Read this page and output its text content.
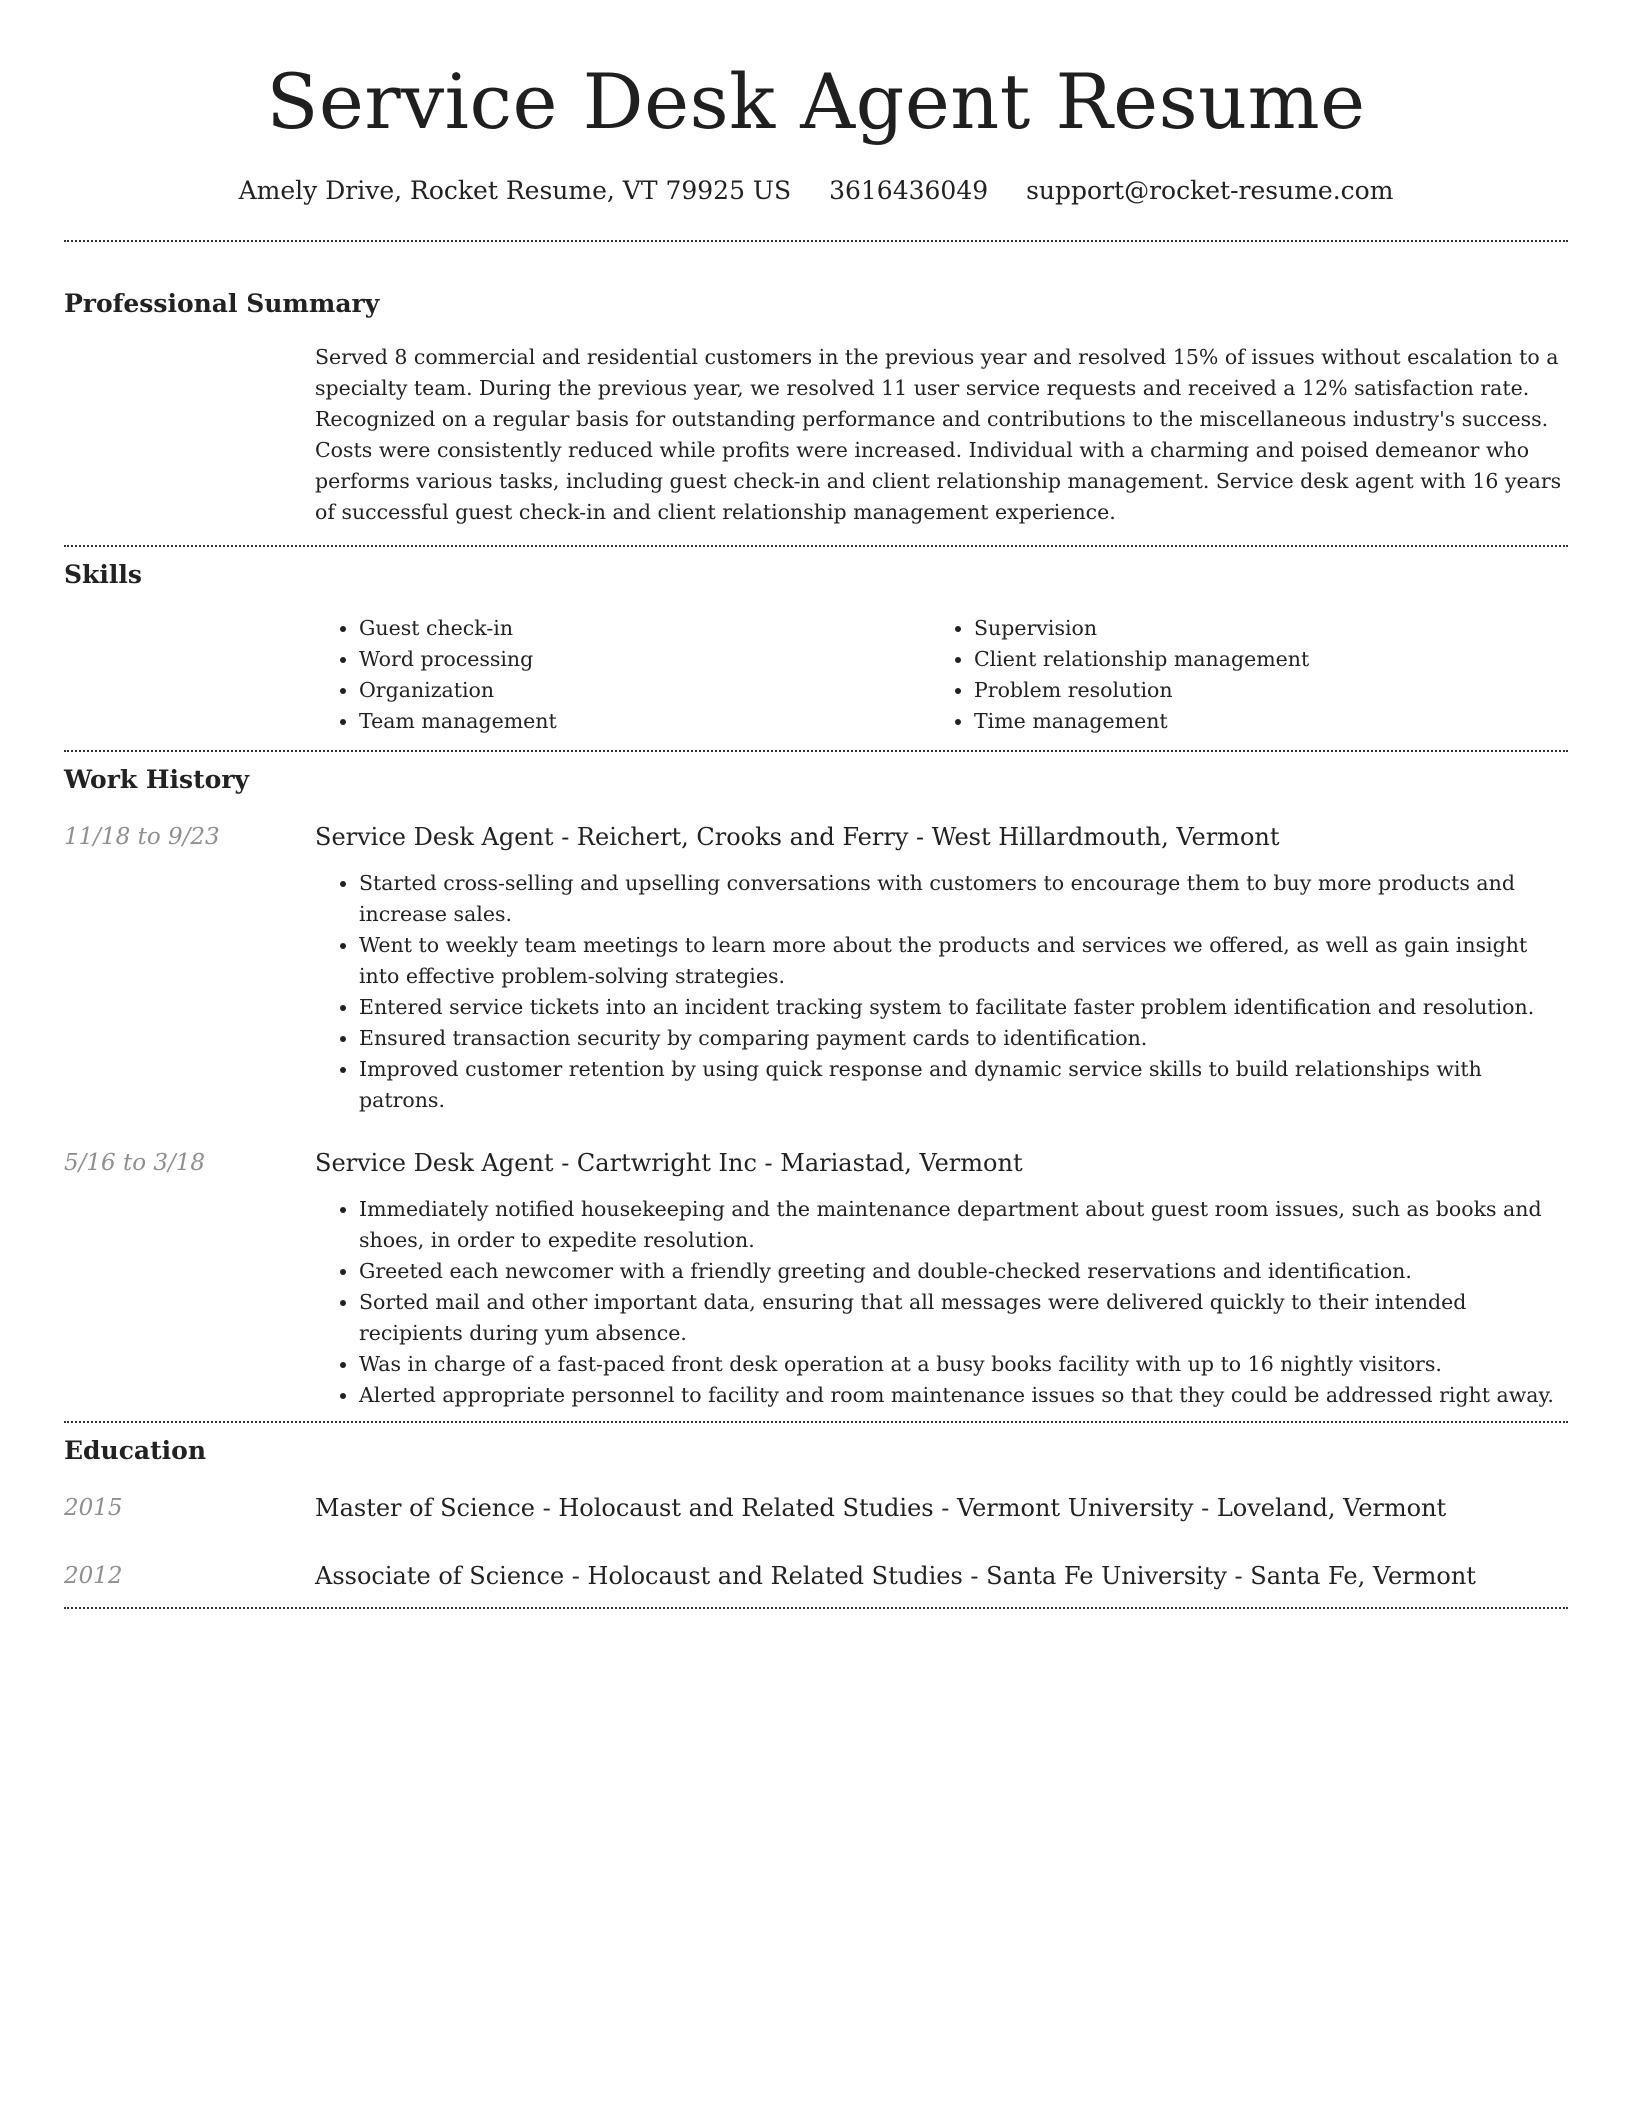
Service Desk Agent Resume
Amely Drive, Rocket Resume, VT 79925 US 3616436049 support@rocket-resume.com
Professional Summary

Served 8 commercial and residential customers in the previous year and resolved 15% of issues without escalation to a specialty team. During the previous year, we resolved 11 user service requests and received a 12% satisfaction rate. Recognized on a regular basis for outstanding performance and contributions to the miscellaneous industry's success. Costs were consistently reduced while profits were increased. Individual with a charming and poised demeanor who performs various tasks, including guest check-in and client relationship management. Service desk agent with 16 years of successful guest check-in and client relationship management experience.

Skills
• Guest check-in
• Word processing
• Organization
• Team management
• Supervision
• Client relationship management
• Problem resolution
• Time management
Work History
11/18 to 9/23	Service Desk Agent - Reichert, Crooks and Ferry - West Hillardmouth, Vermont
• Started cross-selling and upselling conversations with customers to encourage them to buy more products and increase sales.
• Went to weekly team meetings to learn more about the products and services we offered, as well as gain insight into effective problem-solving strategies.
• Entered service tickets into an incident tracking system to facilitate faster problem identification and resolution.
• Ensured transaction security by comparing payment cards to identification.
• Improved customer retention by using quick response and dynamic service skills to build relationships with patrons.
5/16 to 3/18	Service Desk Agent - Cartwright Inc - Mariastad, Vermont
• Immediately notified housekeeping and the maintenance department about guest room issues, such as books and shoes, in order to expedite resolution.
• Greeted each newcomer with a friendly greeting and double-checked reservations and identification.
• Sorted mail and other important data, ensuring that all messages were delivered quickly to their intended recipients during yum absence.
• Was in charge of a fast-paced front desk operation at a busy books facility with up to 16 nightly visitors.
• Alerted appropriate personnel to facility and room maintenance issues so that they could be addressed right away.
Education
2015	Master of Science - Holocaust and Related Studies - Vermont University - Loveland, Vermont
2012	Associate of Science - Holocaust and Related Studies - Santa Fe University - Santa Fe, Vermont
